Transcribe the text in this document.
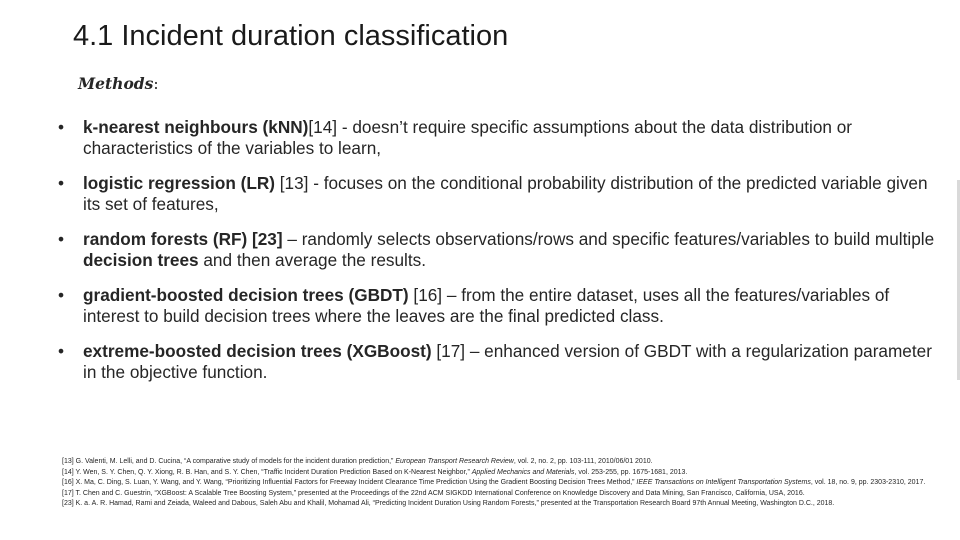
4.1 Incident duration classification
Methods:
• k-nearest neighbours (kNN)[14] - doesn’t require specific assumptions about the data distribution or characteristics of the variables to learn,
• logistic regression (LR) [13] - focuses on the conditional probability distribution of the predicted variable given its set of features,
• random forests (RF) [23] – randomly selects observations/rows and specific features/variables to build multiple decision trees and then average the results.
• gradient-boosted decision trees (GBDT) [16] – from the entire dataset, uses all the features/variables of interest to build decision trees where the leaves are the final predicted class.
• extreme-boosted decision trees (XGBoost) [17] – enhanced version of GBDT with a regularization parameter in the objective function.
[13] G. Valenti, M. Lelli, and D. Cucina, “A comparative study of models for the incident duration prediction,” European Transport Research Review, vol. 2, no. 2, pp. 103-111, 2010/06/01 2010.
[14] Y. Wen, S. Y. Chen, Q. Y. Xiong, R. B. Han, and S. Y. Chen, “Traffic Incident Duration Prediction Based on K-Nearest Neighbor,” Applied Mechanics and Materials, vol. 253-255, pp. 1675-1681, 2013.
[16] X. Ma, C. Ding, S. Luan, Y. Wang, and Y. Wang, “Prioritizing Influential Factors for Freeway Incident Clearance Time Prediction Using the Gradient Boosting Decision Trees Method,” IEEE Transactions on Intelligent Transportation Systems, vol. 18, no. 9, pp. 2303-2310, 2017.
[17] T. Chen and C. Guestrin, “XGBoost: A Scalable Tree Boosting System,” presented at the Proceedings of the 22nd ACM SIGKDD International Conference on Knowledge Discovery and Data Mining, San Francisco, California, USA, 2016.
[23] K. a. A. R. Hamad, Rami and Zeiada, Waleed and Dabous, Saleh Abu and Khalil, Mohamad Ali, “Predicting Incident Duration Using Random Forests,” presented at the Transportation Research Board 97th Annual Meeting, Washington D.C., 2018.
